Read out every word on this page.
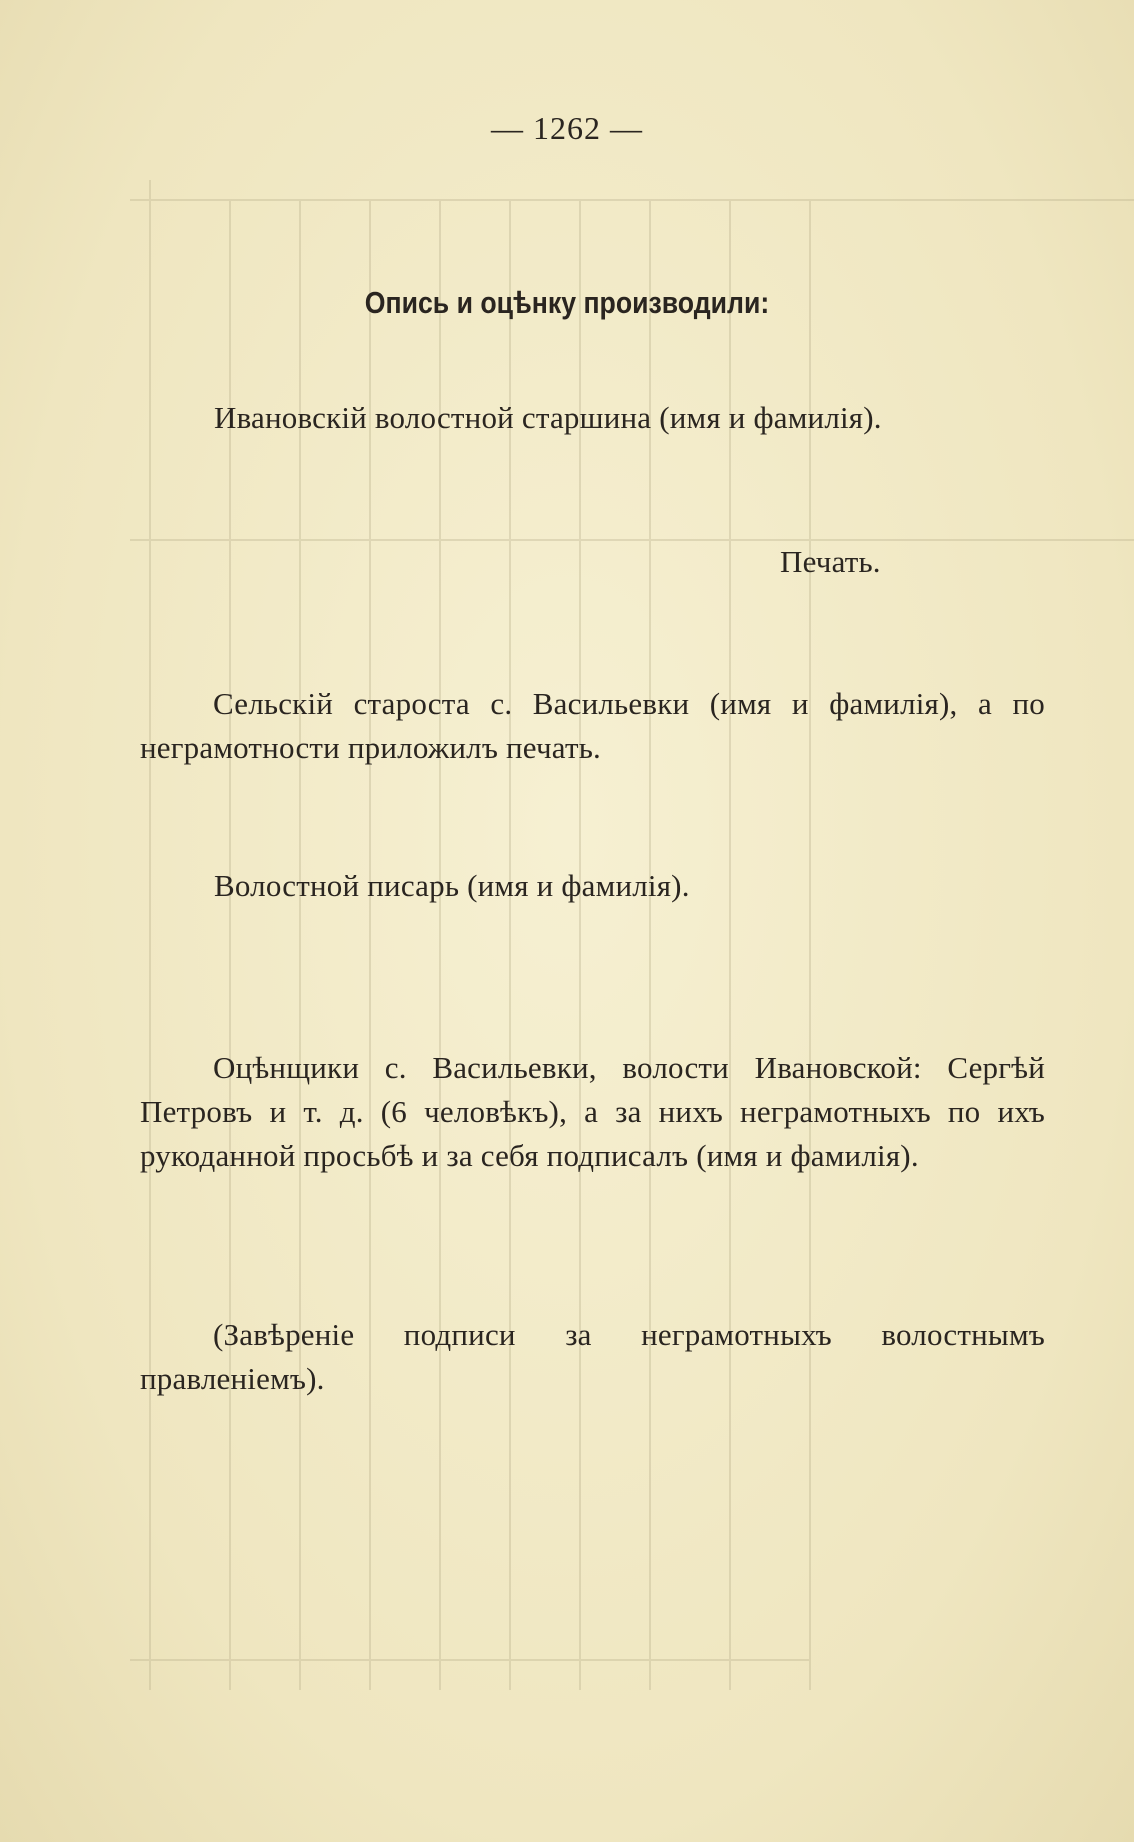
— 1262 —
Опись и оцѣнку производили:
Ивановскій волостной старшина (имя и фамилія).
Печать.
Сельскій староста с. Васильевки (имя и фамилія), а по неграмотности приложилъ печать.
Волостной писарь (имя и фамилія).
Оцѣнщики с. Васильевки, волости Ивановской: Сергѣй Петровъ и т. д. (6 человѣкъ), а за нихъ неграмотныхъ по ихъ рукоданной просьбѣ и за себя подписалъ (имя и фамилія).
(Завѣреніе подписи за неграмотныхъ волостнымъ правленіемъ).
